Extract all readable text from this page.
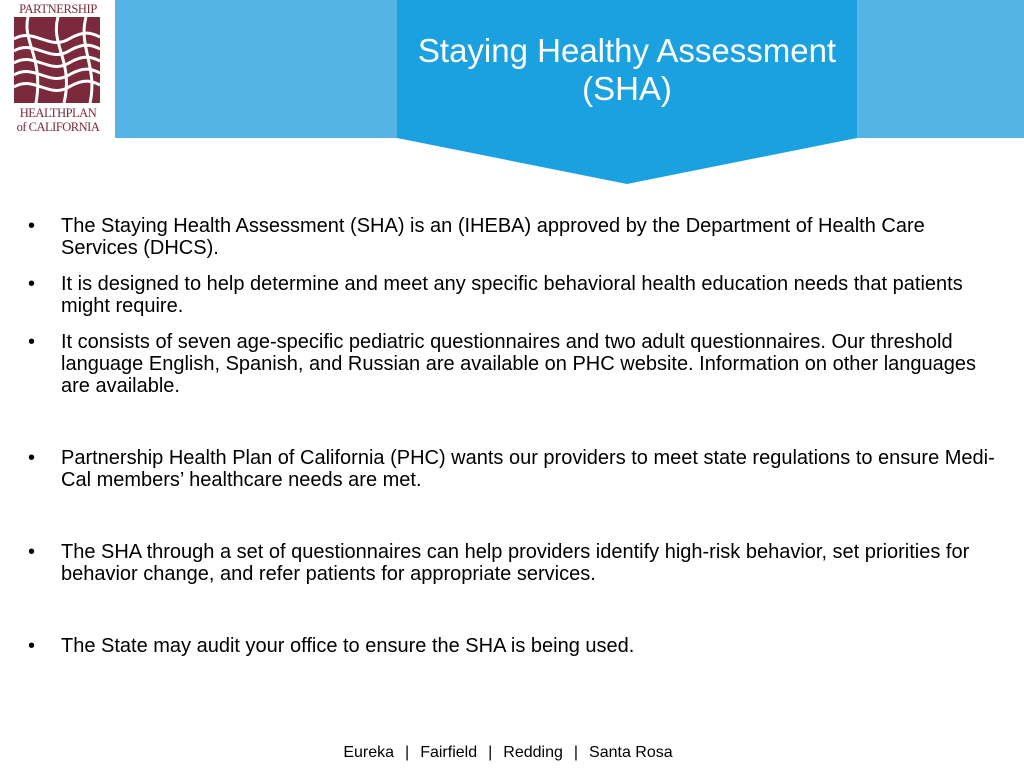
Staying Healthy Assessment
(SHA)
PARTNERSHIP
HEALTHPLAN
of CALIFORNIA
• The Staying Health Assessment (SHA) is an (IHEBA) approved by the Department of Health Care Services (DHCS).
• It is designed to help determine and meet any specific behavioral health education needs that patients might require.
• It consists of seven age-specific pediatric questionnaires and two adult questionnaires. Our threshold language English, Spanish, and Russian are available on PHC website. Information on other languages are available.
• Partnership Health Plan of California (PHC) wants our providers to meet state regulations to ensure Medi-Cal members’ healthcare needs are met.
• The SHA through a set of questionnaires can help providers identify high-risk behavior, set priorities for behavior change, and refer patients for appropriate services.
• The State may audit your office to ensure the SHA is being used.
Eureka | Fairfield | Redding | Santa Rosa
